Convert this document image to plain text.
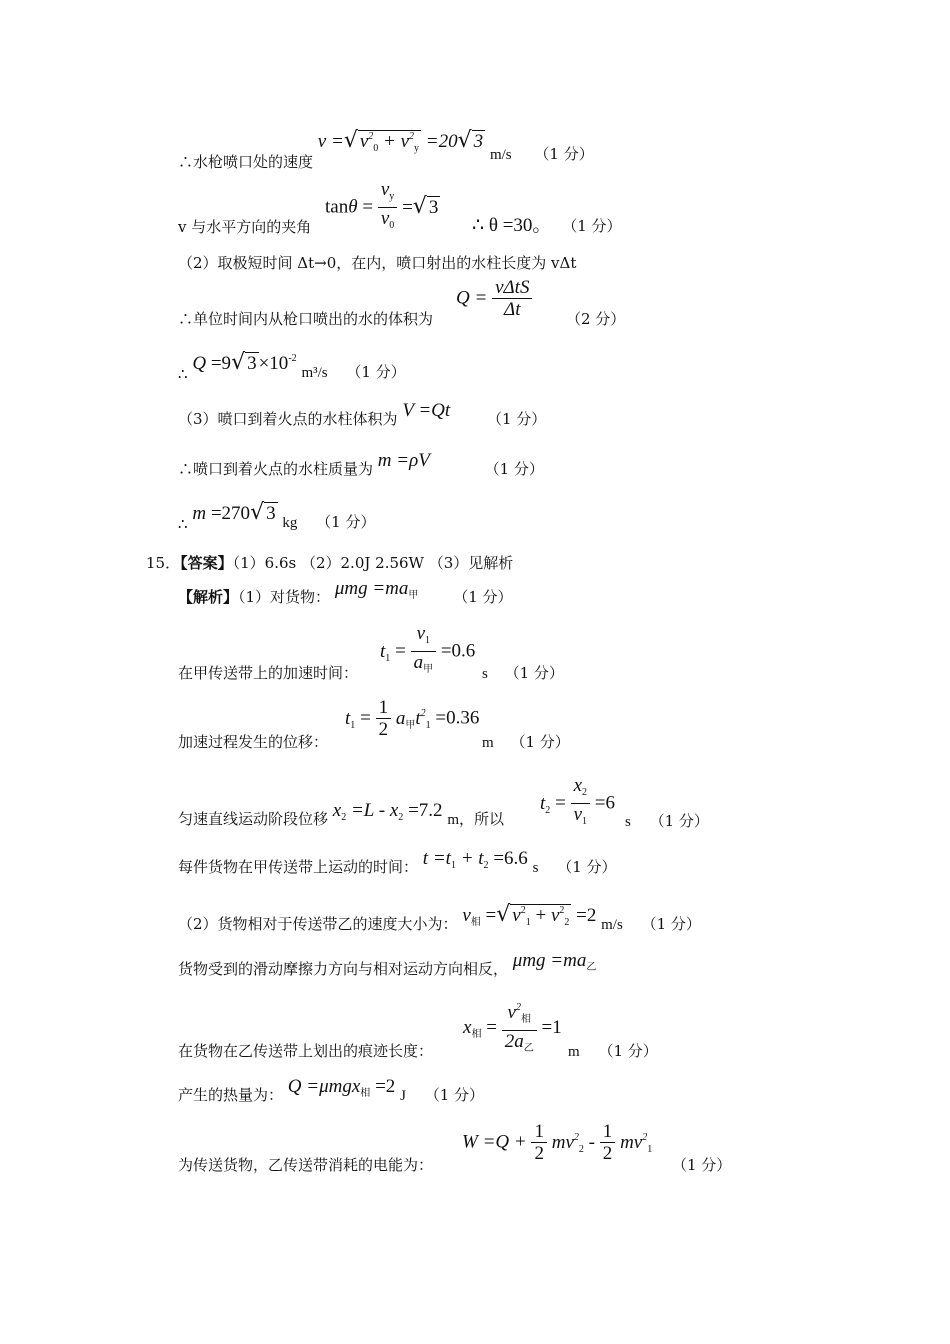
∴水枪喷口处的速度 v =√ $v^2_0 + v^2_y =20√$ 3 m/s （1 分）
$\tan\theta = \frac{v_y}{v_0}$ =√ 3
v 与水平方向的夹角	∴ θ =30。 （1 分）
（2）取极短时间 Δt→0，在内，喷口射出的水柱长度为 vΔt
$Q = \frac{\text{vΔtS}}{\Delta t}$
∴单位时间内从枪口喷出的水的体积为	（2 分）
∴ Q =9√ $3 \times 10^{-2}$ m³/s （1 分）
（3）喷口到着火点的水柱体积为 V =Qt （1 分）
∴喷口到着火点的水柱质量为 m =ρV	（1 分）
∴ m =270√ 3 kg （1 分）
15．【答案】（1）6.6s （2）2.0J 2.56W （3）见解析
【解析】（1）对货物： $\mu mg =ma_甲$ （1 分）
$t_1 = \frac{v_1}{a_甲} =0.6$
在甲传送带上的加速时间：	s （1 分）
$t_1 = \frac{1}{2} a_甲t^2_1 =0.36$
加速过程发生的位移：	m （1 分）
匀速直线运动阶段位移 $x_2 =L - x_2 =7.2$ m，所以
$t_2 = \frac{x_2}{v_1} =6$
s （1 分）
每件货物在甲传送带上运动的时间： $t =t_1 + t_2 =6.6$ s （1 分）
（2）货物相对于传送带乙的速度大小为： $v_相$ =√ $v^2_1 + v^2_2 =2$ m/s （1 分）
货物受到的滑动摩擦力方向与相对运动方向相反， $\mu mg =ma_乙$
$x_相 = \frac{v^2_相}{2a_乙} =1$
在货物在乙传送带上划出的痕迹长度：	m （1 分）
产生的热量为： Q =μmgx$_相$ =2 J （1 分）
$W =Q + \frac{1}{2} mv^2_2 - \frac{1}{2} mv^2_1$
为传送货物，乙传送带消耗的电能为：	（1 分）
